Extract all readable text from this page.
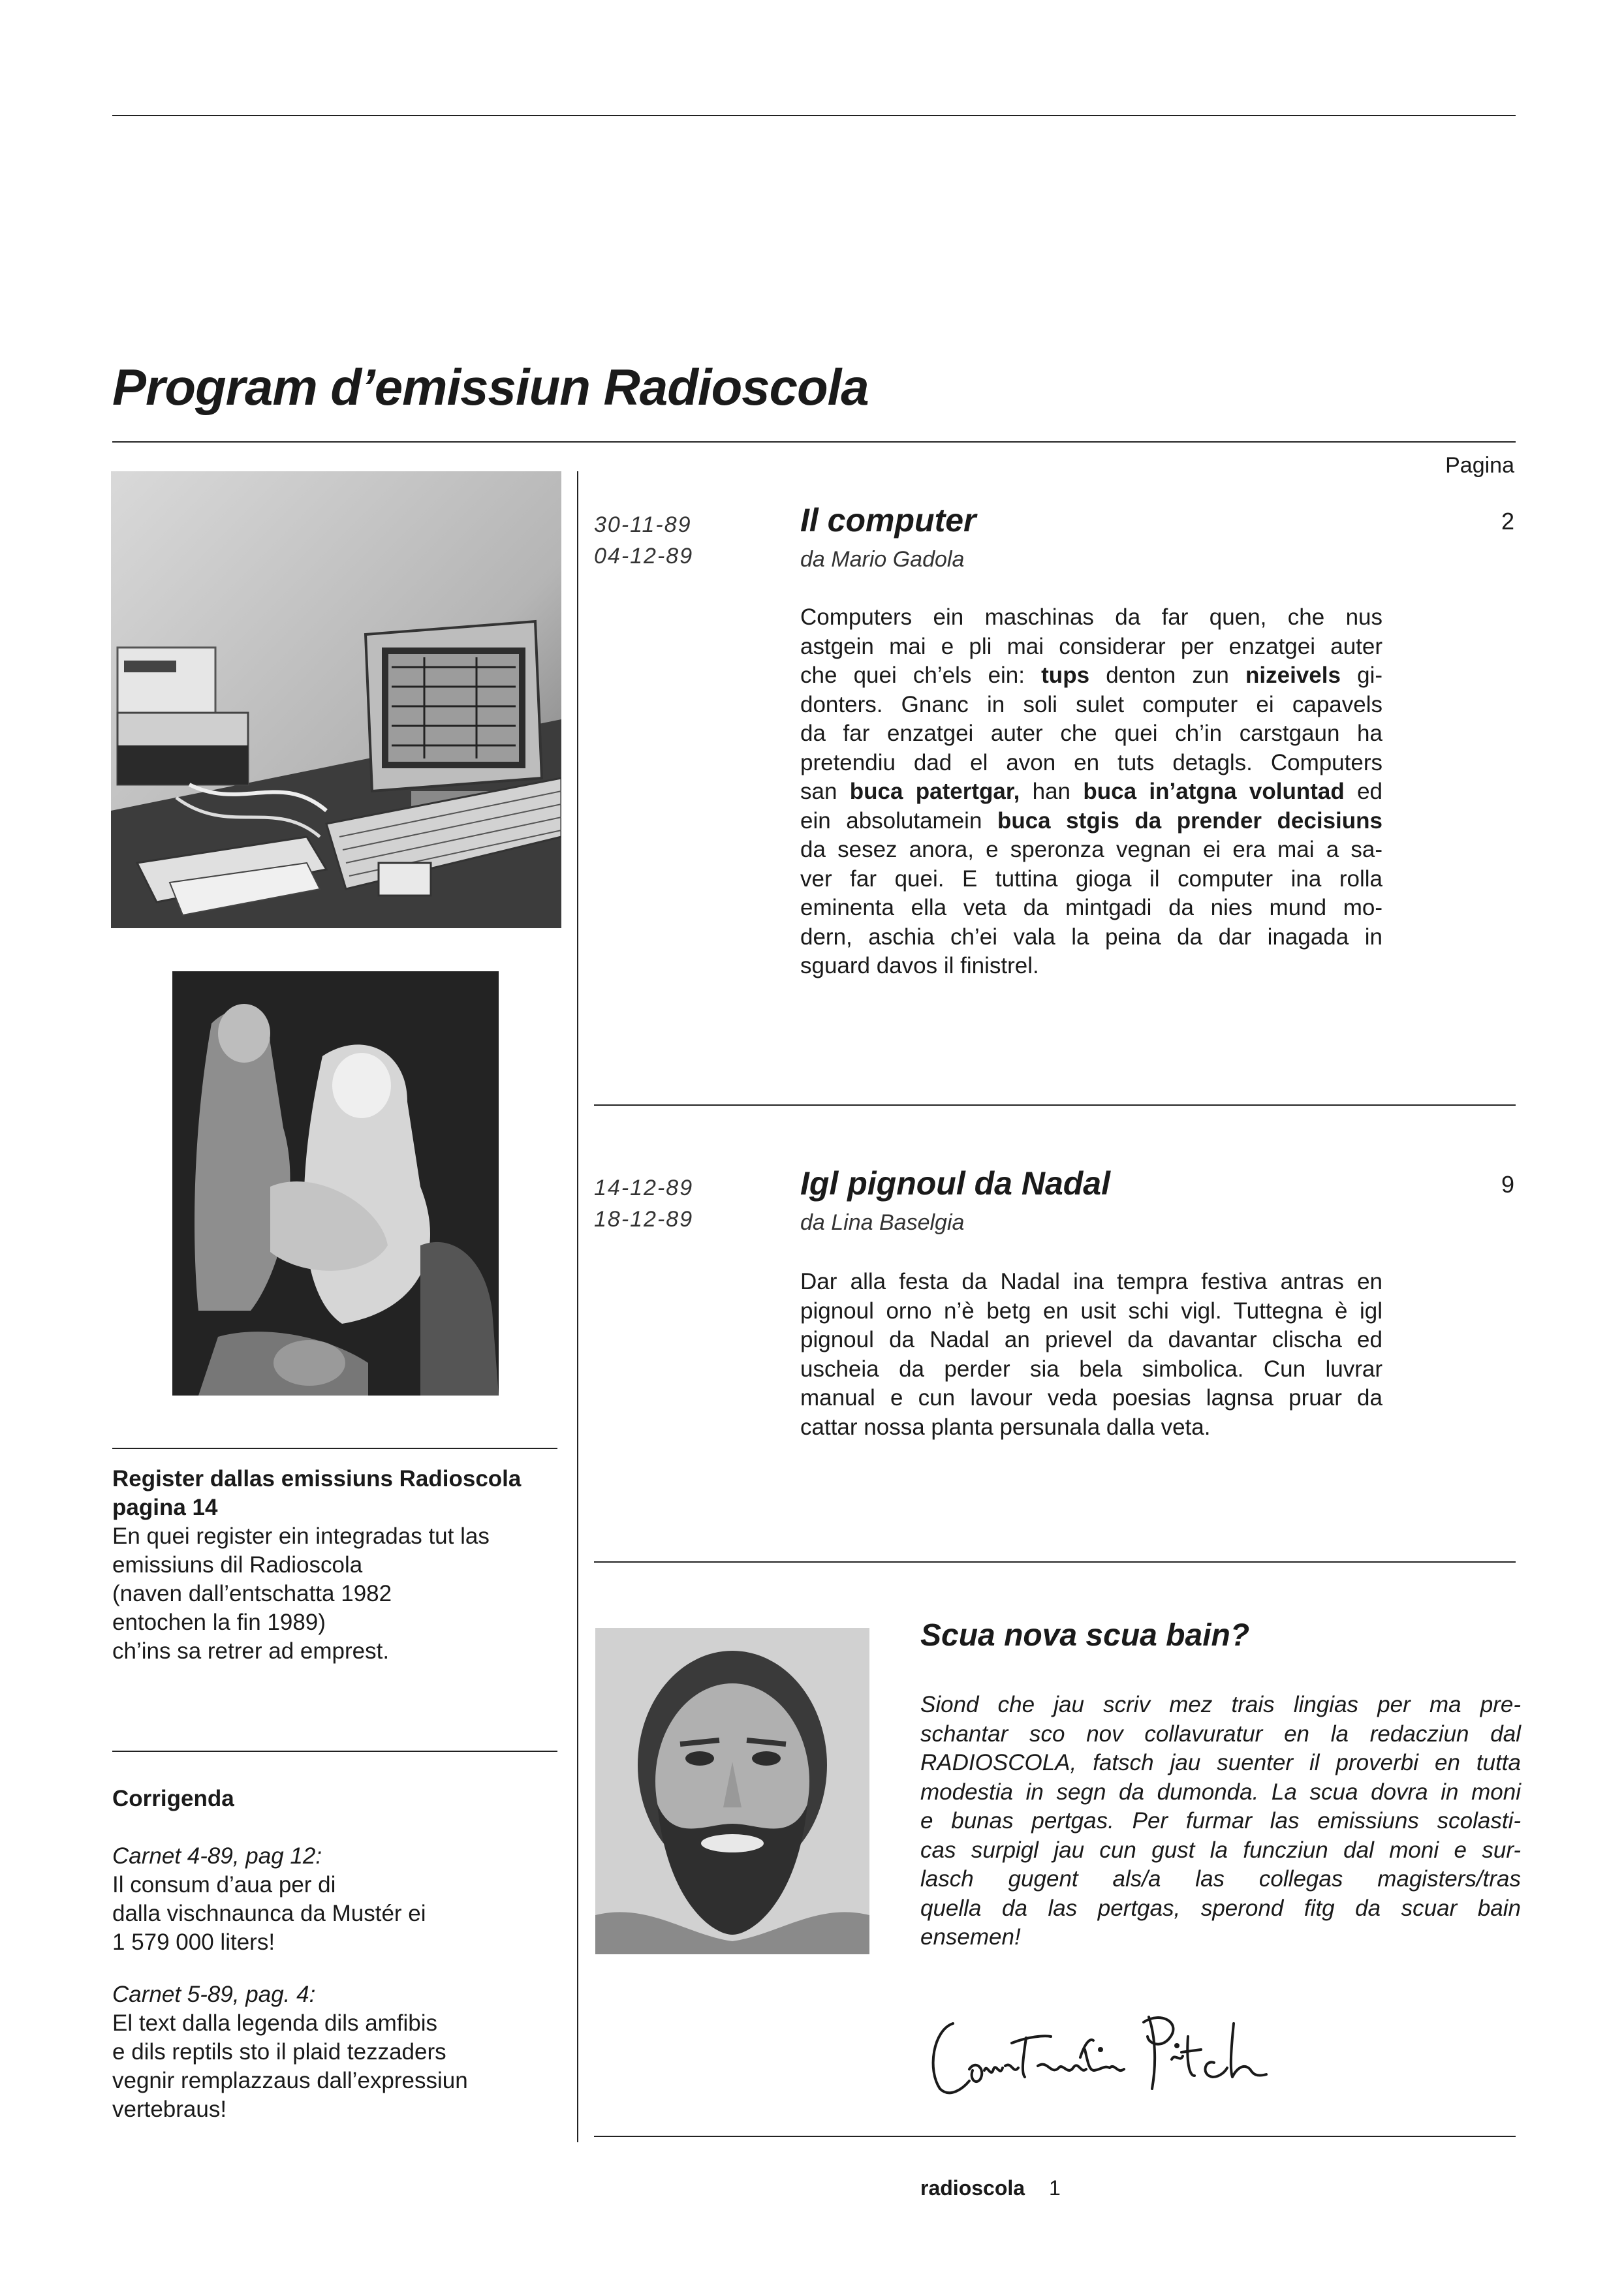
Program d’emissiun Radioscola
Pagina
Register dallas emissiuns Radioscola
pagina 14
En quei register ein integradas tut las
emissiuns dil Radioscola
(naven dall’entschatta 1982
entochen la fin 1989)
ch’ins sa retrer ad emprest.
Corrigenda
Carnet 4-89, pag 12:
Il consum d’aua per di
dalla vischnaunca da Mustér ei
1 579 000 liters!
Carnet 5-89, pag. 4:
El text dalla legenda dils amfibis
e dils reptils sto il plaid tezzaders
vegnir remplazzaus dall’expressiun
vertebraus!
30-11-89
04-12-89
Il computer
da Mario Gadola
2
Computers ein maschinas da far quen, che nus
astgein mai e pli mai considerar per enzatgei auter
che quei ch’els ein: tups denton zun nizeivels gi-
donters. Gnanc in soli sulet computer ei capavels
da far enzatgei auter che quei ch’in carstgaun ha
pretendiu dad el avon en tuts detagls. Computers
san buca patertgar, han buca in’atgna voluntad ed
ein absolutamein buca stgis da prender decisiuns
da sesez anora, e speronza vegnan ei era mai a sa-
ver far quei. E tuttina gioga il computer ina rolla
eminenta ella veta da mintgadi da nies mund mo-
dern, aschia ch’ei vala la peina da dar inagada in
sguard davos il finistrel.
14-12-89
18-12-89
Igl pignoul da Nadal
da Lina Baselgia
9
Dar alla festa da Nadal ina tempra festiva antras en
pignoul orno n’è betg en usit schi vigl. Tuttegna è igl
pignoul da Nadal an prievel da davantar clischa ed
uscheia da perder sia bela simbolica. Cun luvrar
manual e cun lavour veda poesias lagnsa pruar da
cattar nossa planta persunala dalla veta.
Scua nova scua bain?
Siond che jau scriv mez trais lingias per ma pre-
schantar sco nov collavuratur en la redacziun dal
RADIOSCOLA, fatsch jau suenter il proverbi en tutta
modestia in segn da dumonda. La scua dovra in moni
e bunas pertgas. Per furmar las emissiuns scolasti-
cas surpigl jau cun gust la funcziun dal moni e sur-
lasch gugent als/a las collegas magisters/tras
quella da las pertgas, sperond fitg da scuar bain
ensemen!
radioscola 1
